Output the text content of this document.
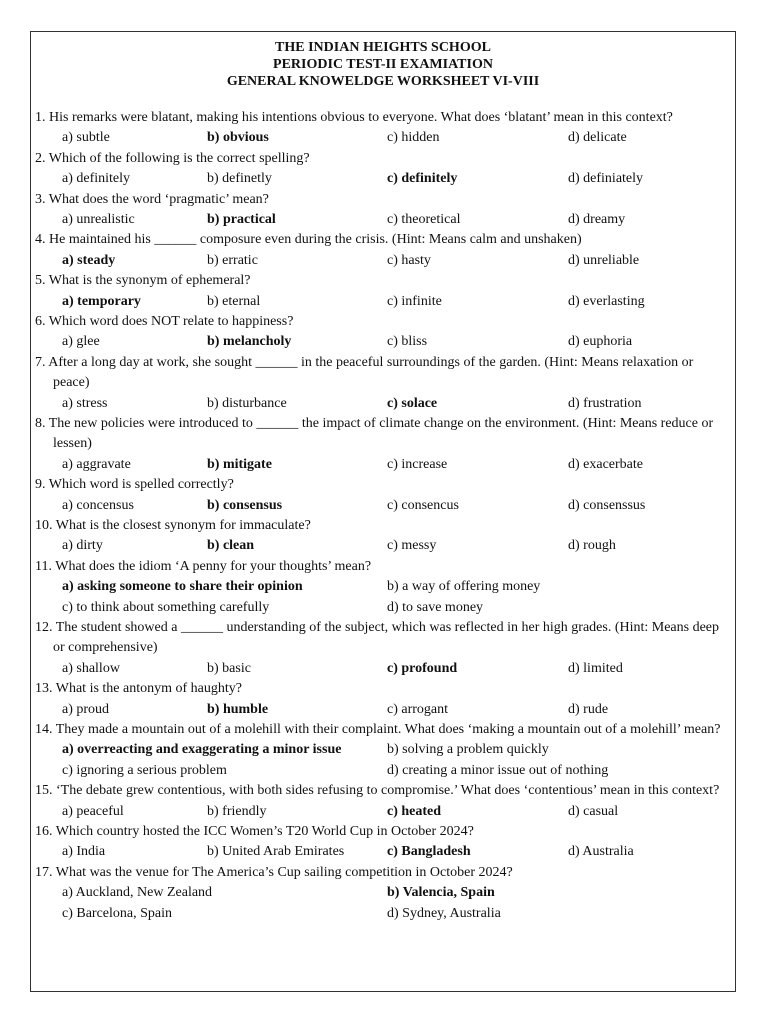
THE INDIAN HEIGHTS SCHOOL
PERIODIC TEST-II EXAMIATION
GENERAL KNOWELDGE WORKSHEET VI-VIII
1. His remarks were blatant, making his intentions obvious to everyone. What does ‘blatant’ mean in this context?
a) subtle	b) obvious	c) hidden	d) delicate
2. Which of the following is the correct spelling?
a) definitely	b) definetly	c) definitely	d) definiately
3. What does the word ‘pragmatic’ mean?
a) unrealistic	b) practical	c) theoretical	d) dreamy
4. He maintained his ______ composure even during the crisis. (Hint: Means calm and unshaken)
a) steady	b) erratic	c) hasty	d) unreliable
5. What is the synonym of ephemeral?
a) temporary	b) eternal	c) infinite	d) everlasting
6. Which word does NOT relate to happiness?
a) glee	b) melancholy	c) bliss	d) euphoria
7. After a long day at work, she sought ______ in the peaceful surroundings of the garden. (Hint: Means relaxation or peace)
a) stress	b) disturbance	c) solace	d) frustration
8. The new policies were introduced to ______ the impact of climate change on the environment. (Hint: Means reduce or lessen)
a) aggravate	b) mitigate	c) increase	d) exacerbate
9. Which word is spelled correctly?
a) concensus	b) consensus	c) consencus	d) consenssus
10. What is the closest synonym for immaculate?
a) dirty	b) clean	c) messy	d) rough
11. What does the idiom ‘A penny for your thoughts’ mean?
a) asking someone to share their opinion	b) a way of offering money
c) to think about something carefully	d) to save money
12. The student showed a ______ understanding of the subject, which was reflected in her high grades. (Hint: Means deep or comprehensive)
a) shallow	b) basic	c) profound	d) limited
13. What is the antonym of haughty?
a) proud	b) humble	c) arrogant	d) rude
14. They made a mountain out of a molehill with their complaint. What does ‘making a mountain out of a molehill’ mean?
a) overreacting and exaggerating a minor issue	b) solving a problem quickly
c) ignoring a serious problem	d) creating a minor issue out of nothing
15. ‘The debate grew contentious, with both sides refusing to compromise.’ What does ‘contentious’ mean in this context?
a) peaceful	b) friendly	c) heated	d) casual
16. Which country hosted the ICC Women’s T20 World Cup in October 2024?
a) India	b) United Arab Emirates	c) Bangladesh	d) Australia
17. What was the venue for The America’s Cup sailing competition in October 2024?
a) Auckland, New Zealand	b) Valencia, Spain
c) Barcelona, Spain	d) Sydney, Australia
